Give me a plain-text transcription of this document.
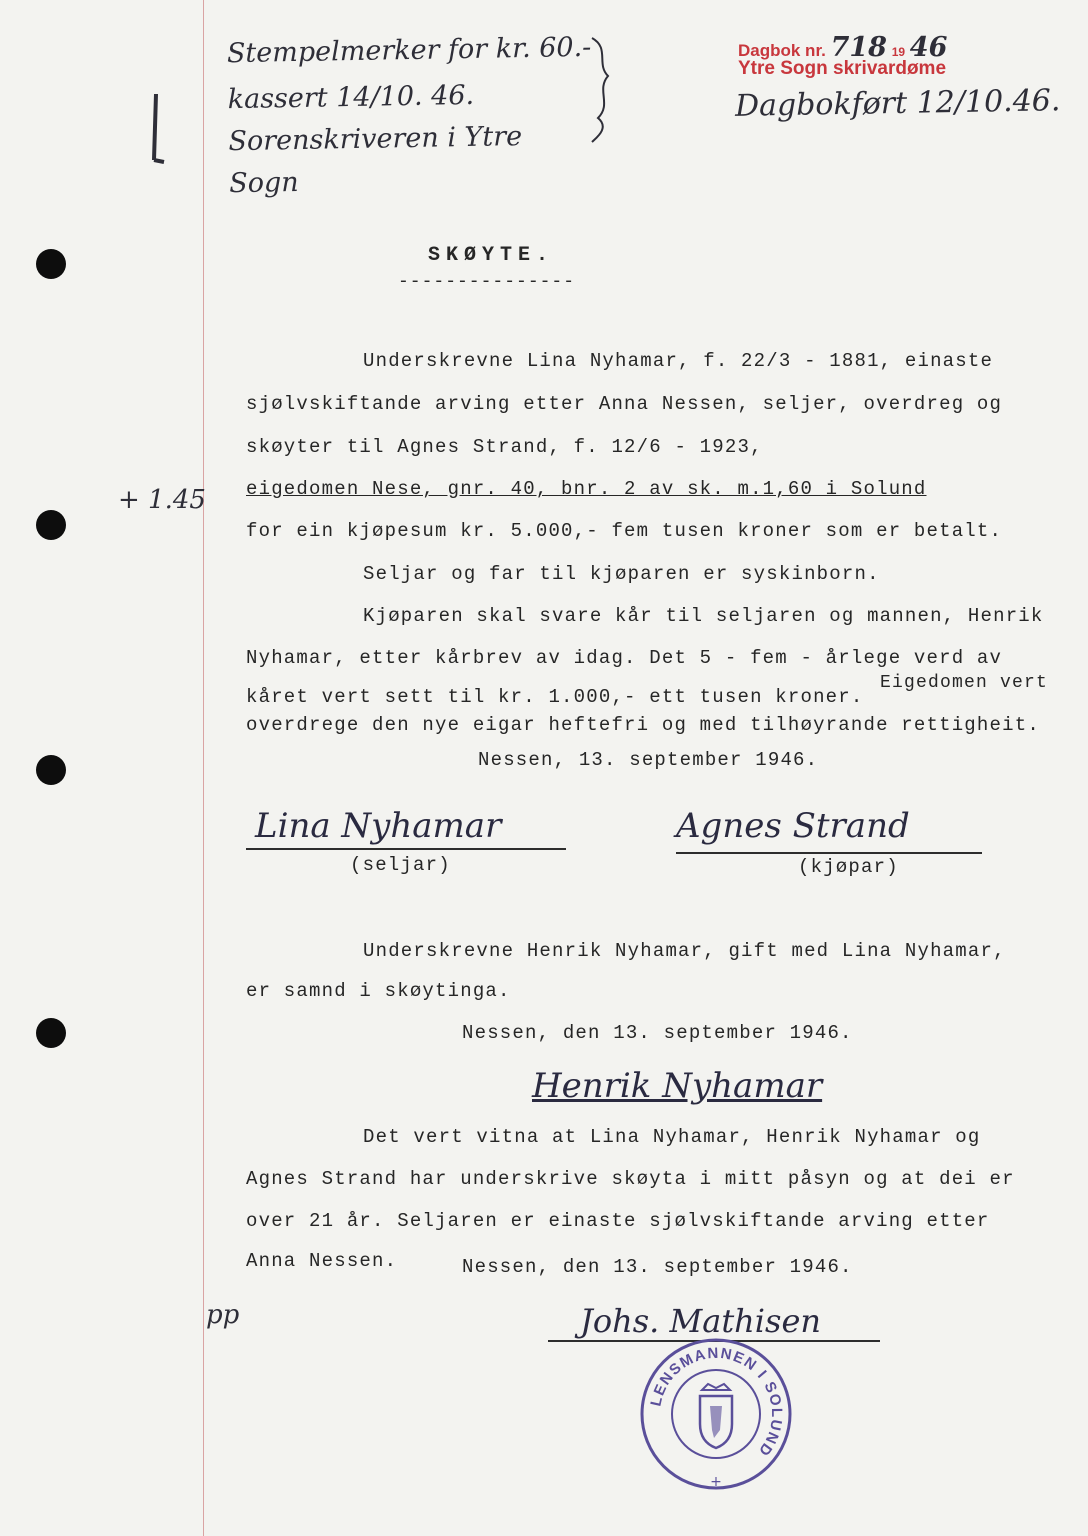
Stempelmerker for kr. 60.-
kassert 14/10. 46. Sorenskriveren i Ytre Sogn
Dagbok nr. 718 19 46
Ytre Sogn skrivardøme
Dagbokført 12/10.46.
+ 1.45
pp
SKØYTE.
---------------
Underskrevne Lina Nyhamar, f. 22/3 - 1881, einaste
sjølvskiftande arving etter Anna Nessen, seljer, overdreg og
skøyter til Agnes Strand, f. 12/6 - 1923,
eigedomen Nese, gnr. 40, bnr. 2 av sk. m.1,60 i Solund
for ein kjøpesum kr. 5.000,- fem tusen kroner som er betalt.
Seljar og far til kjøparen er syskinborn.
Kjøparen skal svare kår til seljaren og mannen, Henrik
Nyhamar, etter kårbrev av idag. Det 5 - fem - årlege verd av
kåret vert sett til kr. 1.000,- ett tusen kroner.
Eigedomen vert
overdrege den nye eigar heftefri og med tilhøyrande rettigheit.
Nessen, 13. september 1946.
Lina Nyhamar
(seljar)
Agnes Strand
(kjøpar)
Underskrevne Henrik Nyhamar, gift med Lina Nyhamar,
er samnd i skøytinga.
Nessen, den 13. september 1946.
Henrik Nyhamar
Det vert vitna at Lina Nyhamar, Henrik Nyhamar og
Agnes Strand har underskrive skøyta i mitt påsyn og at dei er
over 21 år. Seljaren er einaste sjølvskiftande arving etter
Anna Nessen.	Nessen, den 13. september 1946.
Johs. Mathisen
LENSMANNEN I SOLUND
+
